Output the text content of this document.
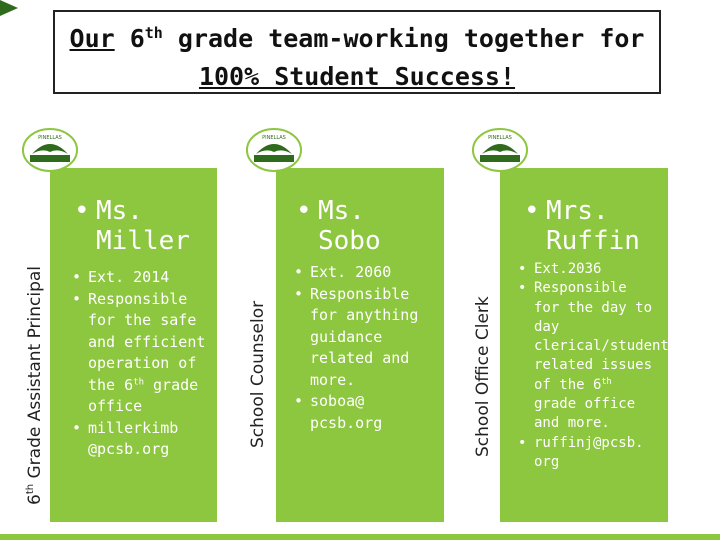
Our 6th grade team-working together for
100% Student Success!
6th Grade Assistant Principal
PINELLAS
• Ms.
Miller
• Ext. 2014
• Responsible for the safe and efficient operation of the 6th grade office
• millerkimb @pcsb.org
School Counselor
PINELLAS
• Ms.
Sobo
• Ext. 2060
• Responsible for anything guidance related and more.
• soboa@ pcsb.org	School Office Clerk
PINELLAS
• Mrs.
Ruffin
• Ext.2036
• Responsible for the day to day clerical/student related issues of the 6th grade office and more.
• ruffinj@pcsb. org
